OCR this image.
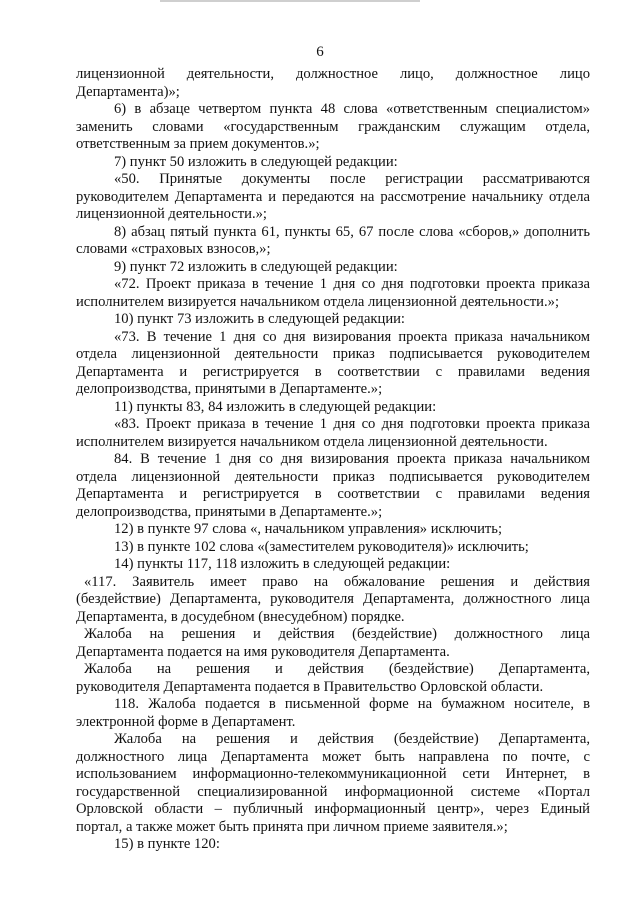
6
лицензионной деятельности, должностное лицо, должностное лицо
Департамента)»;
6) в абзаце четвертом пункта 48 слова «ответственным специалистом»
заменить словами «государственным гражданским служащим отдела,
ответственным за прием документов.»;
7) пункт 50 изложить в следующей редакции:
«50. Принятые документы после регистрации рассматриваются
руководителем Департамента и передаются на рассмотрение начальнику отдела
лицензионной деятельности.»;
8) абзац пятый пункта 61, пункты 65, 67 после слова «сборов,» дополнить
словами «страховых взносов,»;
9) пункт 72 изложить в следующей редакции:
«72. Проект приказа в течение 1 дня со дня подготовки проекта приказа
исполнителем визируется начальником отдела лицензионной деятельности.»;
10) пункт 73 изложить в следующей редакции:
«73. В течение 1 дня со дня визирования проекта приказа начальником
отдела лицензионной деятельности приказ подписывается руководителем
Департамента и регистрируется в соответствии с правилами ведения
делопроизводства, принятыми в Департаменте.»;
11) пункты 83, 84 изложить в следующей редакции:
«83. Проект приказа в течение 1 дня со дня подготовки проекта приказа
исполнителем визируется начальником отдела лицензионной деятельности.
84. В течение 1 дня со дня визирования проекта приказа начальником
отдела лицензионной деятельности приказ подписывается руководителем
Департамента и регистрируется в соответствии с правилами ведения
делопроизводства, принятыми в Департаменте.»;
12) в пункте 97 слова «, начальником управления» исключить;
13) в пункте 102 слова «(заместителем руководителя)» исключить;
14) пункты 117, 118 изложить в следующей редакции:
«117. Заявитель имеет право на обжалование решения и действия
(бездействие) Департамента, руководителя Департамента, должностного лица
Департамента, в досудебном (внесудебном) порядке.
Жалоба на решения и действия (бездействие) должностного лица
Департамента подается на имя руководителя Департамента.
Жалоба на решения и действия (бездействие) Департамента,
руководителя Департамента подается в Правительство Орловской области.
118. Жалоба подается в письменной форме на бумажном носителе, в
электронной форме в Департамент.
Жалоба на решения и действия (бездействие) Департамента,
должностного лица Департамента может быть направлена по почте, с
использованием информационно-телекоммуникационной сети Интернет, в
государственной специализированной информационной системе «Портал
Орловской области – публичный информационный центр», через Единый
портал, а также может быть принята при личном приеме заявителя.»;
15) в пункте 120:
